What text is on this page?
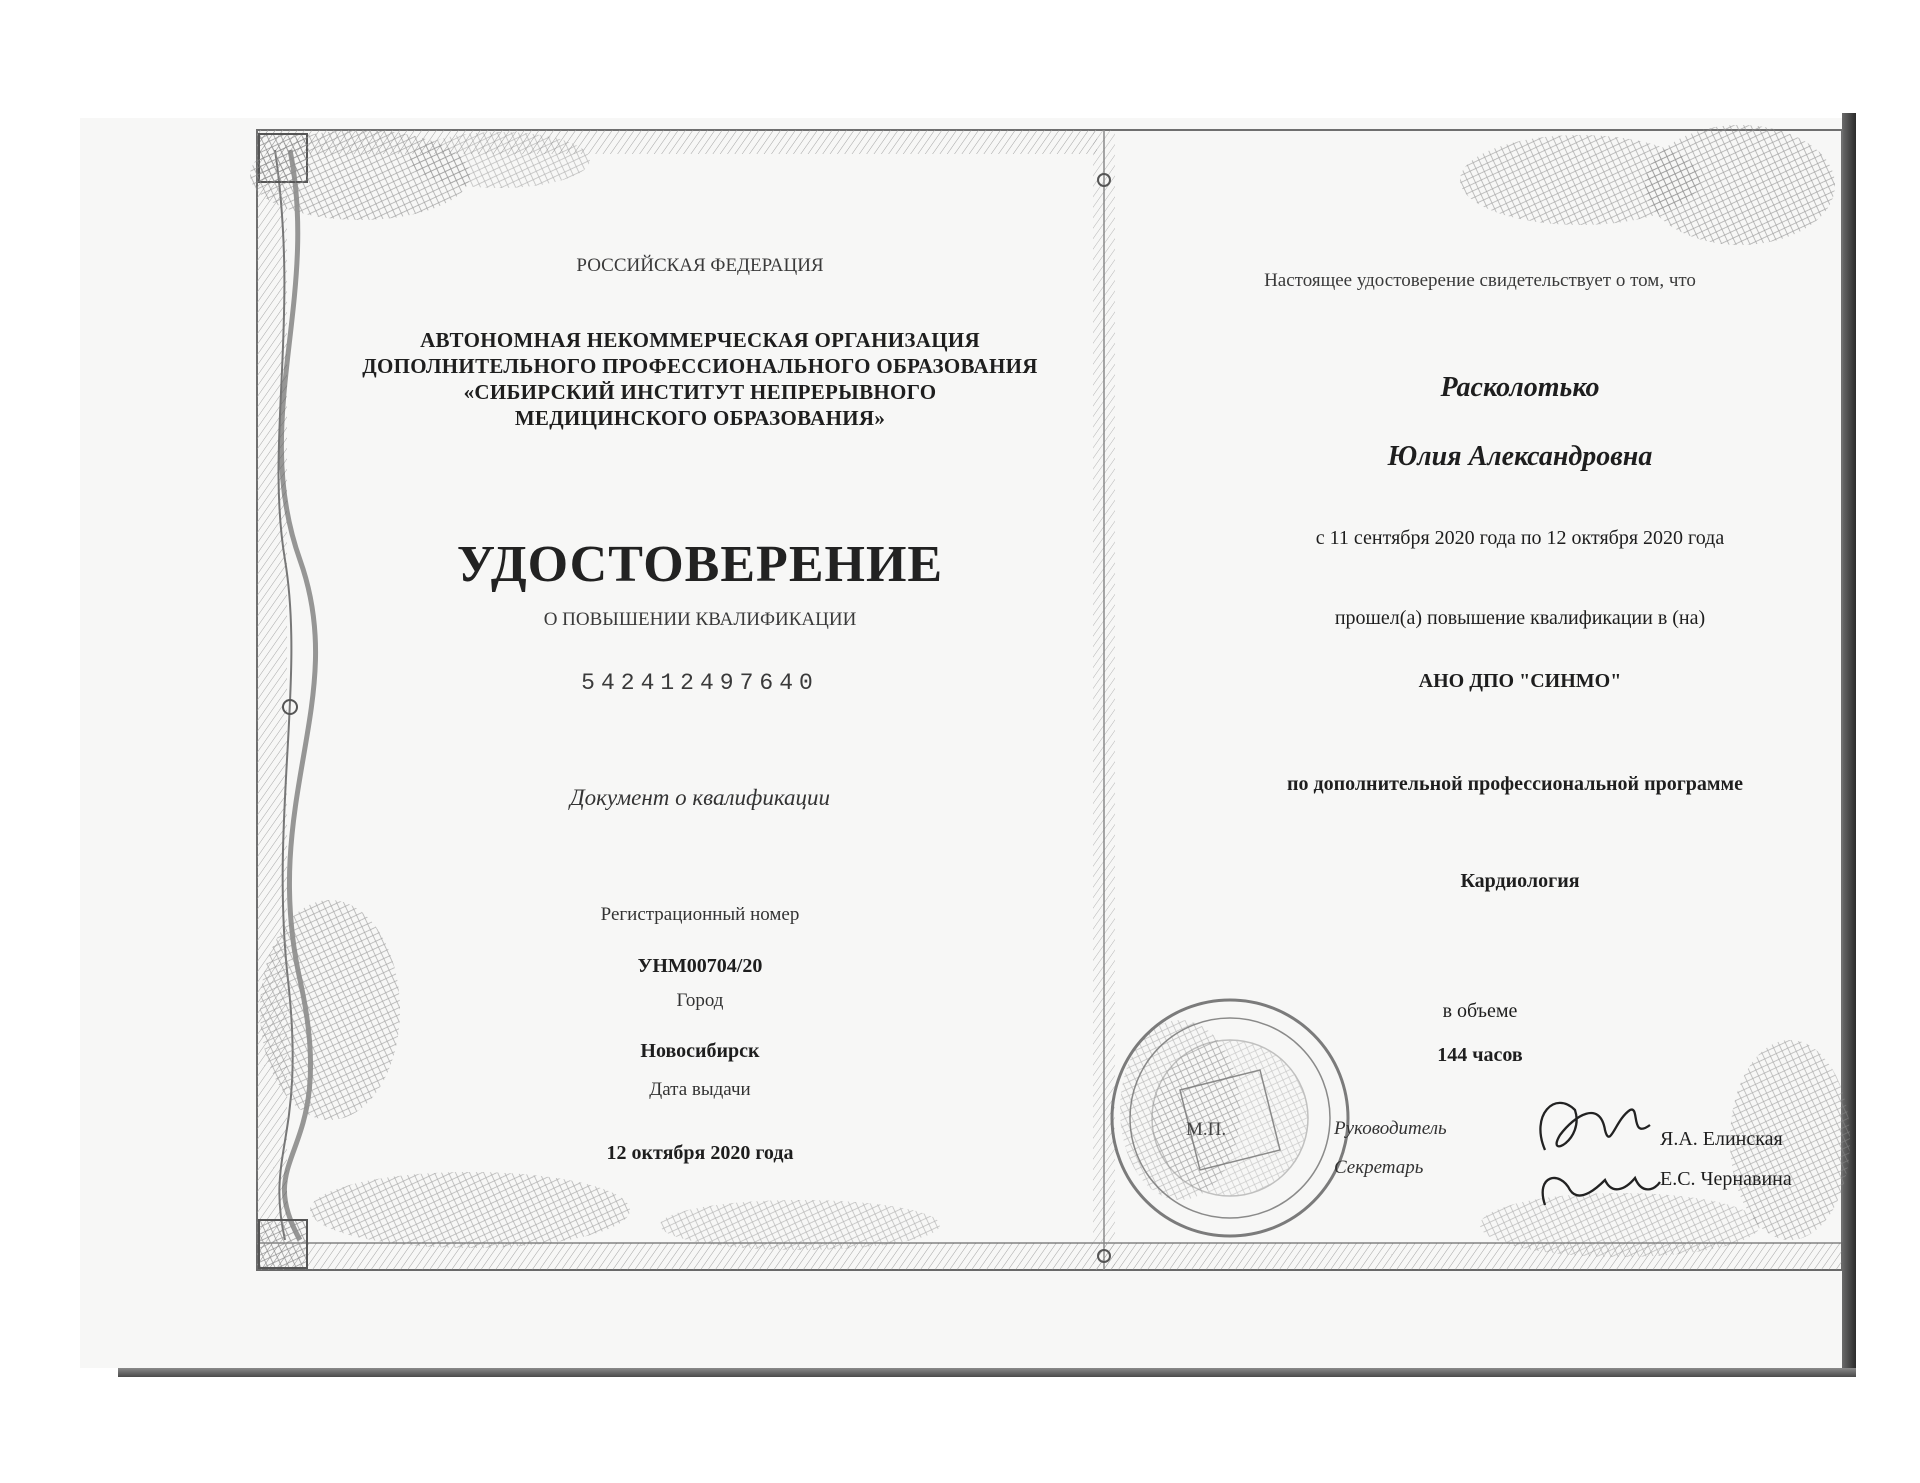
РОССИЙСКАЯ ФЕДЕРАЦИЯ
АВТОНОМНАЯ НЕКОММЕРЧЕСКАЯ ОРГАНИЗАЦИЯ
ДОПОЛНИТЕЛЬНОГО ПРОФЕССИОНАЛЬНОГО ОБРАЗОВАНИЯ
«СИБИРСКИЙ ИНСТИТУТ НЕПРЕРЫВНОГО
МЕДИЦИНСКОГО ОБРАЗОВАНИЯ»
УДОСТОВЕРЕНИЕ
О ПОВЫШЕНИИ КВАЛИФИКАЦИИ
542412497640
Документ о квалификации
Регистрационный номер
УНМ00704/20
Город
Новосибирск
Дата выдачи
12 октября 2020 года
Настоящее удостоверение свидетельствует о том, что
Расколотько
Юлия Александровна
с 11 сентября 2020 года по 12 октября 2020 года
прошел(а) повышение квалификации в (на)
АНО ДПО "СИНМО"
по дополнительной профессиональной программе
Кардиология
в объеме
144 часов
М.П.	Руководитель
Секретарь
Я.А. Елинская
Е.С. Чернавина
